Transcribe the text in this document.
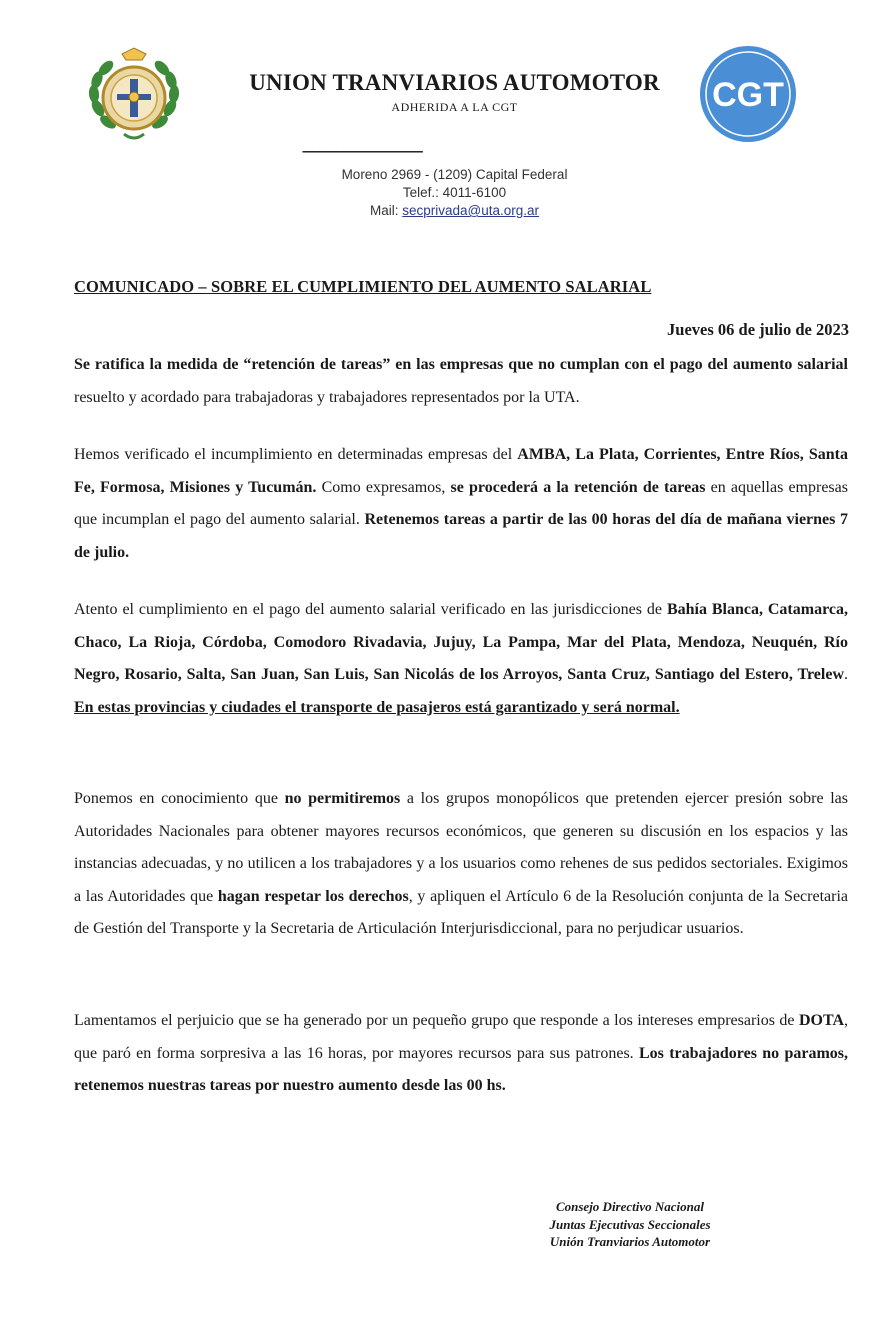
CGT
UNION TRANVIARIOS AUTOMOTOR
ADHERIDA A LA CGT
--------------------------------------------------
Moreno 2969 - (1209) Capital Federal
Telef.: 4011-6100
Mail: secprivada@uta.org.ar
COMUNICADO – SOBRE EL CUMPLIMIENTO DEL AUMENTO SALARIAL
Jueves 06 de julio de 2023

Se ratifica la medida de “retención de tareas” en las empresas que no cumplan con el pago del aumento salarial resuelto y acordado para trabajadoras y trabajadores representados por la UTA.

Hemos verificado el incumplimiento en determinadas empresas del AMBA, La Plata, Corrientes, Entre Ríos, Santa Fe, Formosa, Misiones y Tucumán. Como expresamos, se procederá a la retención de tareas en aquellas empresas que incumplan el pago del aumento salarial. Retenemos tareas a partir de las 00 horas del día de mañana viernes 7 de julio.

Atento el cumplimiento en el pago del aumento salarial verificado en las jurisdicciones de Bahía Blanca, Catamarca, Chaco, La Rioja, Córdoba, Comodoro Rivadavia, Jujuy, La Pampa, Mar del Plata, Mendoza, Neuquén, Río Negro, Rosario, Salta, San Juan, San Luis, San Nicolás de los Arroyos, Santa Cruz, Santiago del Estero, Trelew. En estas provincias y ciudades el transporte de pasajeros está garantizado y será normal.

Ponemos en conocimiento que no permitiremos a los grupos monopólicos que pretenden ejercer presión sobre las Autoridades Nacionales para obtener mayores recursos económicos, que generen su discusión en los espacios y las instancias adecuadas, y no utilicen a los trabajadores y a los usuarios como rehenes de sus pedidos sectoriales. Exigimos a las Autoridades que hagan respetar los derechos, y apliquen el Artículo 6 de la Resolución conjunta de la Secretaria de Gestión del Transporte y la Secretaria de Articulación Interjurisdiccional, para no perjudicar usuarios.

Lamentamos el perjuicio que se ha generado por un pequeño grupo que responde a los intereses empresarios de DOTA, que paró en forma sorpresiva a las 16 horas, por mayores recursos para sus patrones. Los trabajadores no paramos, retenemos nuestras tareas por nuestro aumento desde las 00 hs.

Consejo Directivo Nacional
Juntas Ejecutivas Seccionales
Unión Tranviarios Automotor
